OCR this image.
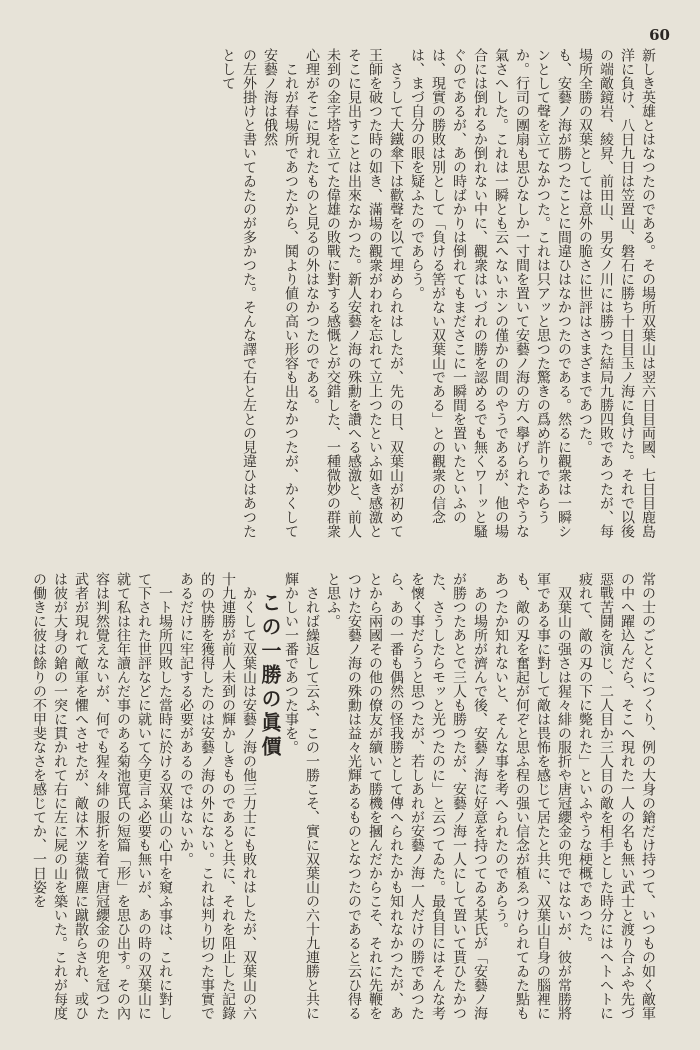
60

新しき英雄とはなつたのである。その場所双葉山は翌六日目両國、七日目鹿島洋に負け、八日九日は笠置山、磐石に勝ち十日目玉ノ海に負けた。それで以後の端敵鏡岩、綾昇、前田山、男女ノ川には勝つた結局九勝四敗であつたが、每場所全勝の双葉としては意外の脆さに世評はさまざまであつた。

も、安藝ノ海が勝つたことに間違ひはなかつたのである。然るに觀衆は一瞬シンとして聲を立てなかつた。これは只アッと思つた驚きの爲め許りであらうか。行司の團扇も思ひなしか一寸間を置いて安藝ノ海の方へ擧げられたやうな氣さへした。これは一瞬とも云へないホンの僅かの間のやうであるが、他の場合には倒れるか倒れない中に、觀衆はいづれの勝を認めるでも無くワーッと騷ぐのであるが、あの時ばかりは倒れてもまださこに一瞬間を置いたといふのは、現實の勝敗は別として「負ける筈がない双葉山である」との觀衆の信念は、まづ自分の眼を疑ふたのであらう。

さうして大鐵傘下は歡聲を以て埋められはしたが、先の日、双葉山が初めて王師を破つた時の如き、滿場の觀衆がわれを忘れて立上つたといふ如き感激とそこに見出すことは出來なかつた。新人安藝ノ海の殊勳を讚へる感激と、前人未到の金字塔を立てた偉雄の敗戰に對する感慨とが交錯した、一種微妙の群衆心理がそこに現れたものと見るの外はなかつたのである。

これが春場所であつたから、鬨より値の高い形容も出なかつたが、かくして安藝ノ海は俄然

の左外掛けと書いてゐたのが多かつた。そんな譯で右と左との見違ひはあつたとして

常の士のごとくにつくり、例の大身の鎗だけ持つて、いつもの如く敵軍の中へ躍込んだら、そこへ現れた一人の名も無い武士と渡り合ふや先づ惡戰苦鬪を演じ、二人目か三人目の敵を相手とした時分にはへトへトに疲れて、敵の刄の下に斃れた」といふやうな梗概であつた。

双葉山の强さは猩々緋の服折や唐冠纓金の兜ではないが、彼が常勝將軍である事に對して敵は畏怖を感じて居たと共に、双葉山自身の腦裡にも、敵の刄を奮起が何ぞと思ふ程の强い信念が植ゑつけられてゐた點もあつたか知れないと、そんな事を考へられたのであらう。

あの場所が濟んで後、安藝ノ海に好意を持つてゐる某氏が「安藝ノ海が勝つたあとで三人も勝つたが、安藝ノ海一人にして置いて貰ひたかつた、さうしたらモッと光つたのに」と云つてゐた。最負目にはそんな考を懷く事だらうと思つたが、若しあれが安藝ノ海一人だけの勝であつたら、あの一番も偶然の怪我勝として傳へられたかも知れなかつたが、あとから兩國その他の僚友が續いて勝機を摑んだからこそ、それに先鞭をつけた安藝ノ海の殊勳は益々光輝あるものとなつたのであると云ひ得ると思ふ。

されば繰返して云ふ、この一勝こそ、實に双葉山の六十九連勝と共に輝かしい一番であつた事を。

この一勝の眞價

かくして双葉山は安藝ノ海の他三力士にも敗れはしたが、双葉山の六十九連勝が前人未到の輝かしきものであると共に、それを阻止した記錄的の快勝を獲得したのは安藝ノ海の外にない。これは判り切つた事實であるだけに牢記する必要があるのではないか。

一ト場所四敗した當時に於ける双葉山の心中を窺ふ事は、これに對して下された世評などに就いて今更言ふ必要も無いが、あの時の双葉山に就て私は往年讀んだ事のある菊池寬氏の短篇「形」を思ひ出す。その內容は判然覺えないが、何でも猩々緋の服折を着て唐冠纓金の兜を冠つた武者が現れて敵軍を懼へさせたが、敵は木ツ葉微塵に蹴散らされ、或ひは彼が大身の鎗の一突に貫かれて右に左に屍の山を築いた。これが每度の働きに彼は餘りの不甲斐なさを感じてか、一日姿を
